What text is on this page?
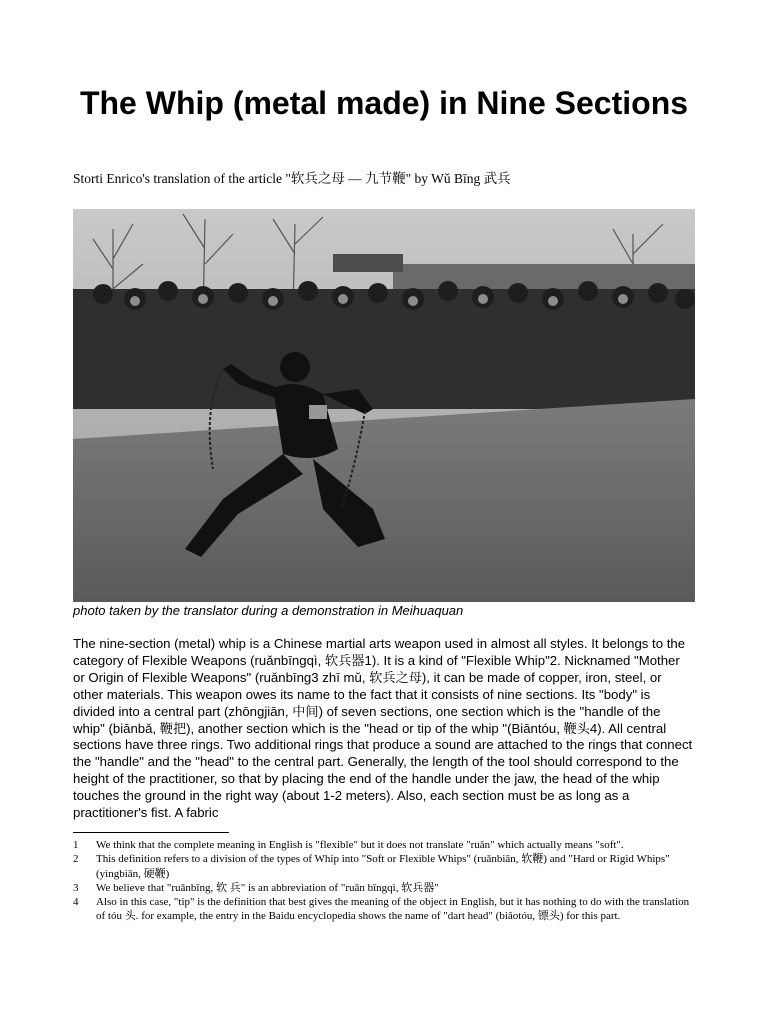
The Whip (metal made) in Nine Sections

Storti Enrico's translation of the article "软兵之母 — 九节鞭" by Wǔ Bīng 武兵

photo taken by the translator during a demonstration in Meihuaquan

The nine-section (metal) whip is a Chinese martial arts weapon used in almost all styles. It belongs to the category of Flexible Weapons (ruǎnbīngqì, 软兵器1). It is a kind of "Flexible Whip"2. Nicknamed "Mother or Origin of Flexible Weapons" (ruǎnbīng3 zhī mǔ, 软兵之母), it can be made of copper, iron, steel, or other materials. This weapon owes its name to the fact that it consists of nine sections. Its "body" is divided into a central part (zhōngjiān, 中间) of seven sections, one section which is the "handle of the whip" (biānbǎ, 鞭把), another section which is the "head or tip of the whip "(Biāntóu, 鞭头4). All central sections have three rings. Two additional rings that produce a sound are attached to the rings that connect the "handle" and the "head" to the central part. Generally, the length of the tool should correspond to the height of the practitioner, so that by placing the end of the handle under the jaw, the head of the whip touches the ground in the right way (about 1-2 meters). Also, each section must be as long as a practitioner's fist. A fabric

1	We think that the complete meaning in English is "flexible" but it does not translate "ruǎn" which actually means "soft".
2	This definition refers to a division of the types of Whip into "Soft or Flexible Whips" (ruǎnbiān, 软鞭) and "Hard or Rigid Whips" (yìngbiān, 硬鞭)
3	We believe that "ruǎnbīng, 软 兵" is an abbreviation of "ruǎn bīngqì, 软兵器"
4	Also in this case, "tip" is the definition that best gives the meaning of the object in English, but it has nothing to do with the translation of tóu 头. for example, the entry in the Baidu encyclopedia shows the name of "dart head" (biāotóu, 镖头) for this part.
